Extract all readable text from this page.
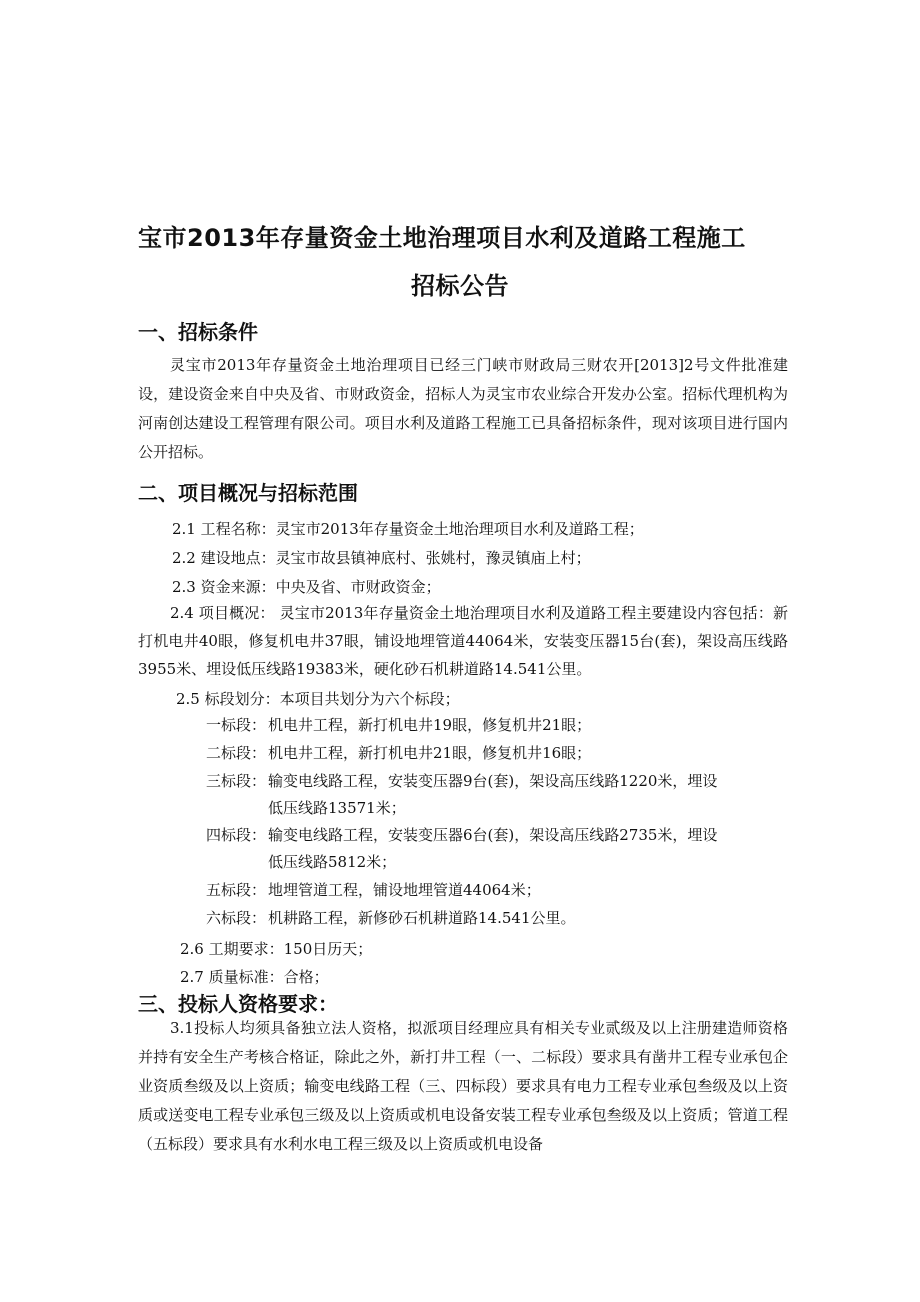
宝市2013年存量资金土地治理项目水利及道路工程施工
招标公告
一、招标条件
灵宝市2013年存量资金土地治理项目已经三门峡市财政局三财农开[2013]2号文件批准建设，建设资金来自中央及省、市财政资金，招标人为灵宝市农业综合开发办公室。招标代理机构为河南创达建设工程管理有限公司。项目水利及道路工程施工已具备招标条件，现对该项目进行国内公开招标。
二、项目概况与招标范围
2.1 工程名称：灵宝市2013年存量资金土地治理项目水利及道路工程；
2.2 建设地点：灵宝市故县镇神底村、张姚村，豫灵镇庙上村；
2.3 资金来源：中央及省、市财政资金；
2.4 项目概况： 灵宝市2013年存量资金土地治理项目水利及道路工程主要建设内容包括：新打机电井40眼，修复机电井37眼，铺设地埋管道44064米，安装变压器15台(套)，架设高压线路3955米、埋设低压线路19383米，硬化砂石机耕道路14.541公里。
2.5 标段划分：本项目共划分为六个标段；
一标段： 机电井工程，新打机电井19眼，修复机井21眼；
二标段： 机电井工程，新打机电井21眼，修复机井16眼；
三标段： 输变电线路工程，安装变压器9台(套)，架设高压线路1220米，埋设低压线路13571米；
四标段： 输变电线路工程，安装变压器6台(套)，架设高压线路2735米，埋设低压线路5812米；
五标段： 地埋管道工程，铺设地埋管道44064米；
六标段： 机耕路工程，新修砂石机耕道路14.541公里。
2.6 工期要求：150日历天；
2.7 质量标准：合格；
三、投标人资格要求：
3.1投标人均须具备独立法人资格，拟派项目经理应具有相关专业贰级及以上注册建造师资格并持有安全生产考核合格证，除此之外，新打井工程（一、二标段）要求具有凿井工程专业承包企业资质叁级及以上资质；输变电线路工程（三、四标段）要求具有电力工程专业承包叁级及以上资质或送变电工程专业承包三级及以上资质或机电设备安装工程专业承包叁级及以上资质；管道工程（五标段）要求具有水利水电工程三级及以上资质或机电设备
